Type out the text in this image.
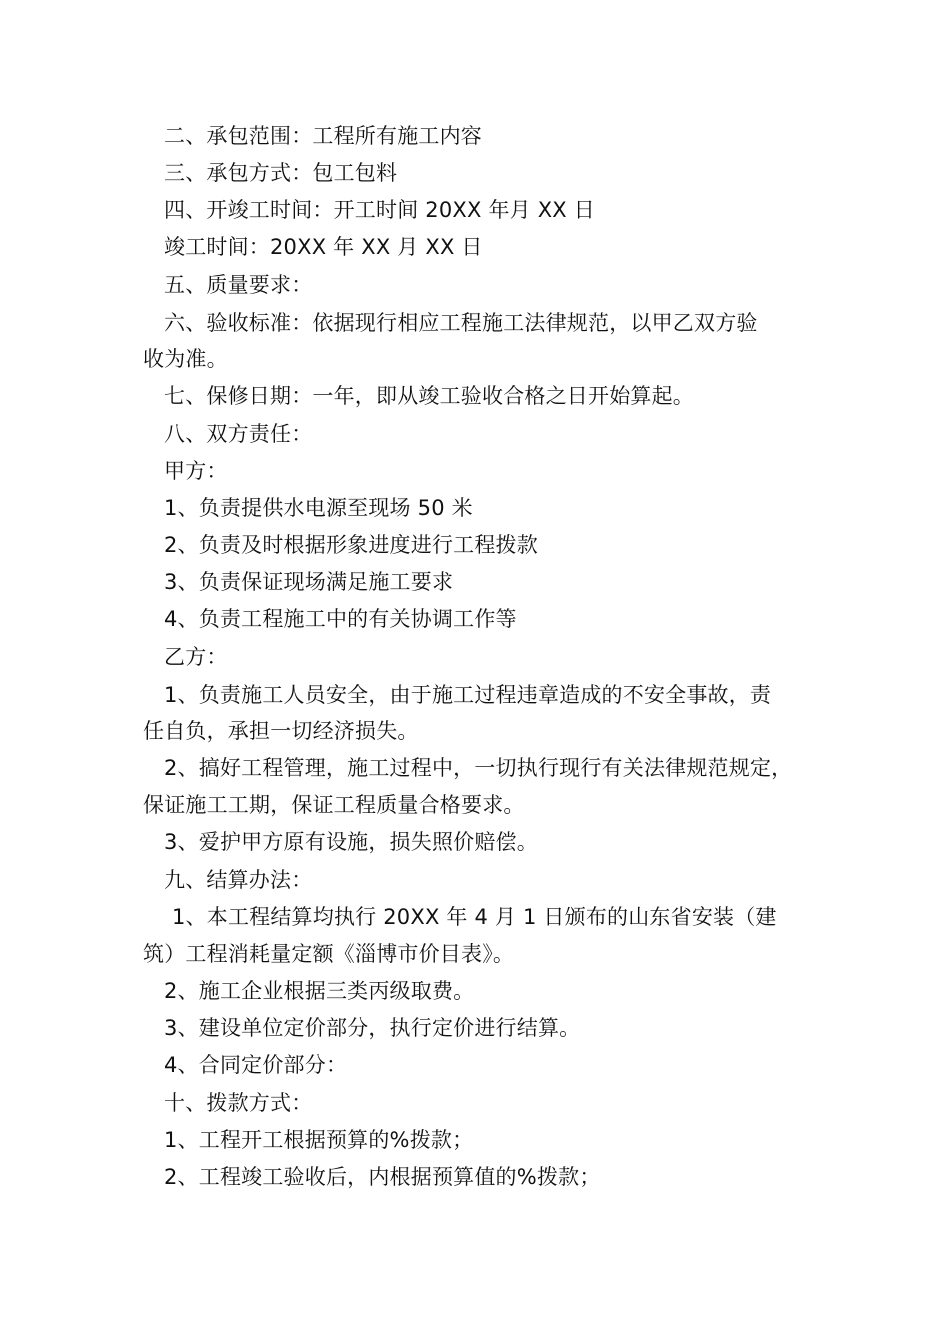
二、承包范围：工程所有施工内容
三、承包方式：包工包料
四、开竣工时间：开工时间 20XX 年月 XX 日
竣工时间：20XX 年 XX 月 XX 日
五、质量要求：
六、验收标准：依据现行相应工程施工法律规范，以甲乙双方验
收为准。
七、保修日期：一年，即从竣工验收合格之日开始算起。
八、双方责任：
甲方：
1、负责提供水电源至现场 50 米
2、负责及时根据形象进度进行工程拨款
3、负责保证现场满足施工要求
4、负责工程施工中的有关协调工作等
乙方：
1、负责施工人员安全，由于施工过程违章造成的不安全事故，责
任自负，承担一切经济损失。
2、搞好工程管理，施工过程中，一切执行现行有关法律规范规定，
保证施工工期，保证工程质量合格要求。
3、爱护甲方原有设施，损失照价赔偿。
九、结算办法：
1、本工程结算均执行 20XX 年 4 月 1 日颁布的山东省安装（建
筑）工程消耗量定额《淄博市价目表》。
2、施工企业根据三类丙级取费。
3、建设单位定价部分，执行定价进行结算。
4、合同定价部分：
十、拨款方式：
1、工程开工根据预算的%拨款；
2、工程竣工验收后，内根据预算值的%拨款；
